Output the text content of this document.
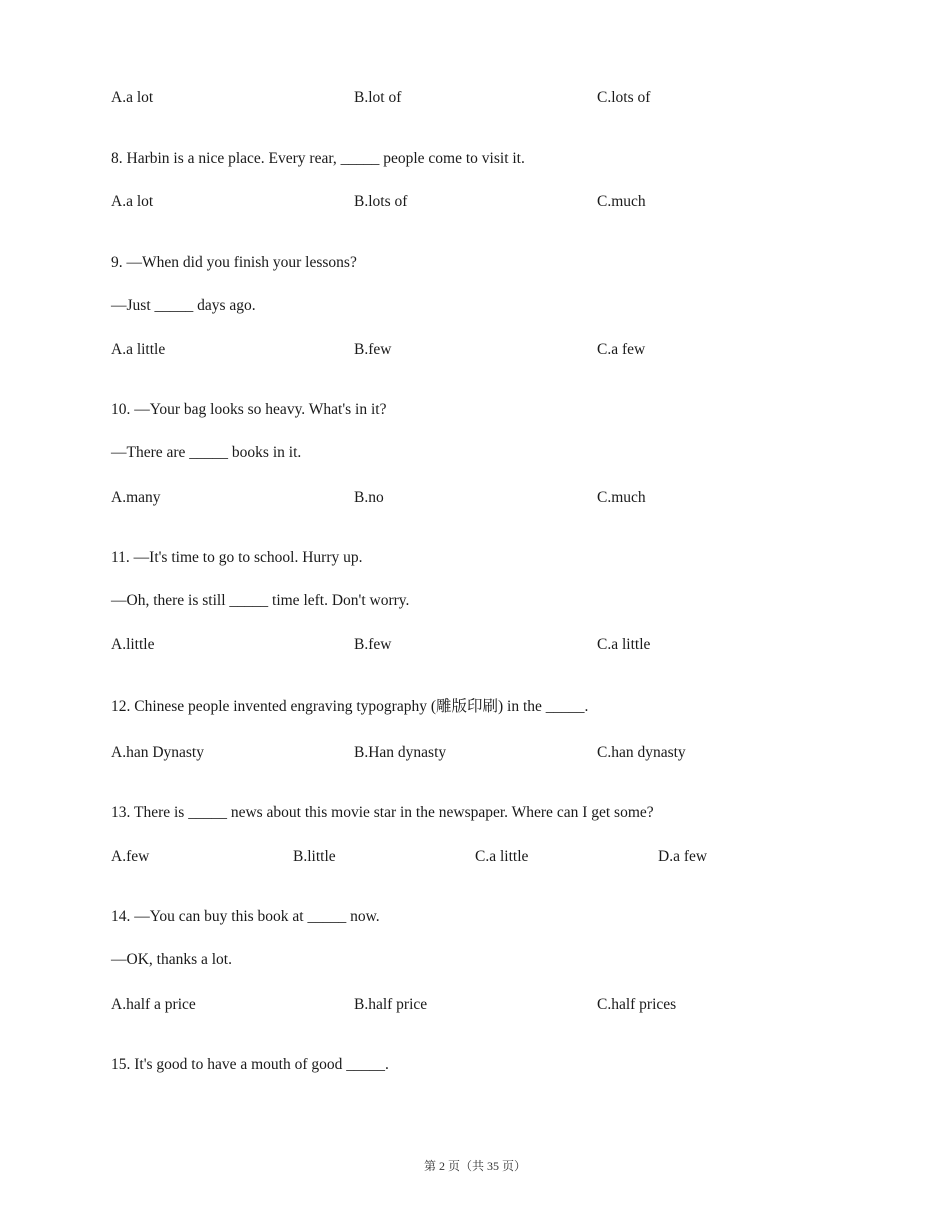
A.a lot	B.lot of	C.lots of
8. Harbin is a nice place. Every rear, _____ people come to visit it.
A.a lot	B.lots of	C.much
9. —When did you finish your lessons?
—Just _____ days ago.
A.a little	B.few	C.a few
10. —Your bag looks so heavy. What's in it?
—There are _____ books in it.
A.many	B.no	C.much
11. —It's time to go to school. Hurry up.
—Oh, there is still _____ time left. Don't worry.
A.little	B.few	C.a little
12. Chinese people invented engraving typography (雕版印刷) in the _____.
A.han Dynasty	B.Han dynasty	C.han dynasty
13. There is _____ news about this movie star in the newspaper. Where can I get some?
A.few	B.little	C.a little	D.a few
14. —You can buy this book at _____ now.
—OK, thanks a lot.
A.half a price	B.half price	C.half prices
15. It's good to have a mouth of good _____.
第 2 页（共 35 页）
